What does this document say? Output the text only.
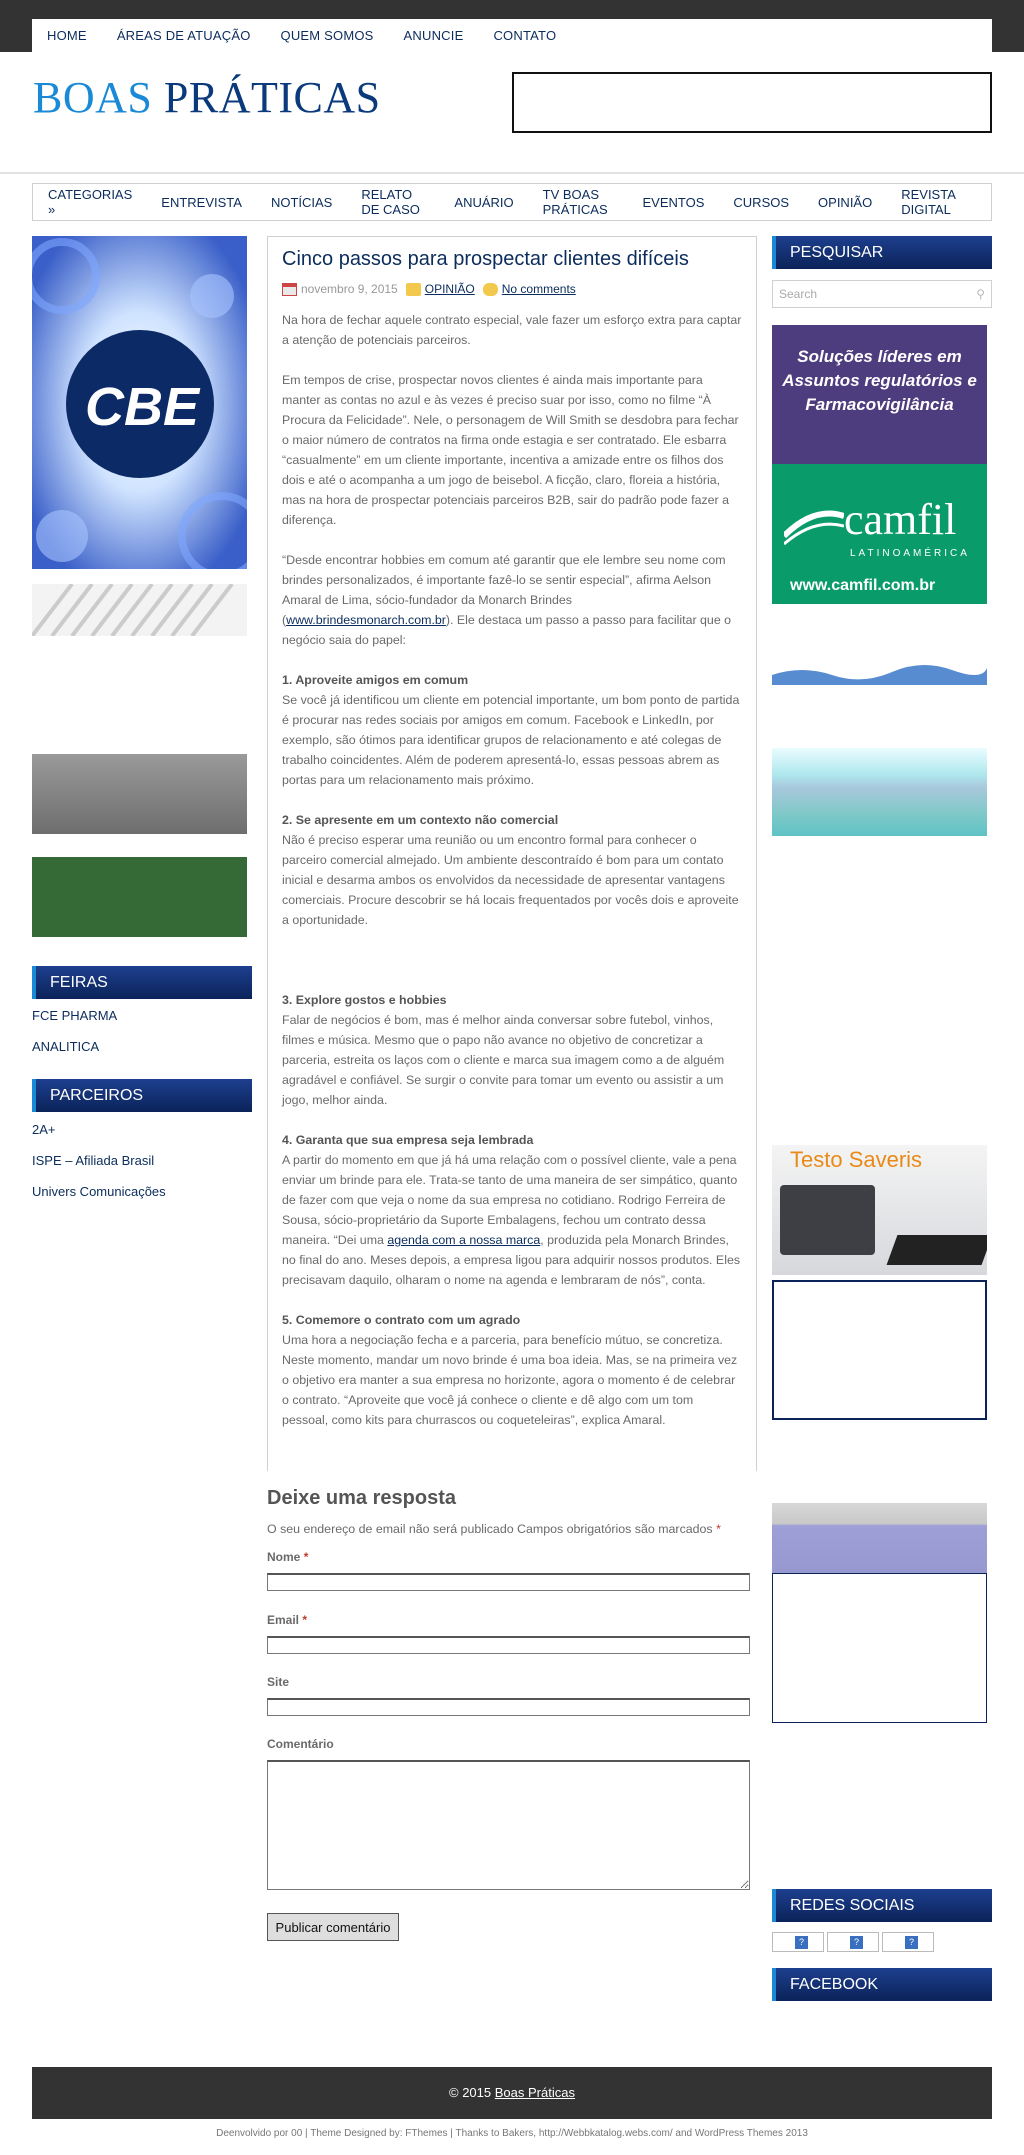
HOME ÁREAS DE ATUAÇÃO QUEM SOMOS ANUNCIE CONTATO
BOAS PRÁTICAS
CATEGORIAS »	ENTREVISTA NOTÍCIAS RELATO DE CASO	ANUÁRIO TV BOAS PRÁTICAS	EVENTOS CURSOS OPINIÃO REVISTA DIGITAL
CBE
FEIRAS
FCE PHARMA
ANALITICA
PARCEIROS
2A+
ISPE – Afiliada Brasil
Univers Comunicações
Cinco passos para prospectar clientes difíceis
novembro 9, 2015 OPINIÃO No comments

Na hora de fechar aquele contrato especial, vale fazer um esforço extra para captar a atenção de potenciais parceiros.

Em tempos de crise, prospectar novos clientes é ainda mais importante para manter as contas no azul e às vezes é preciso suar por isso, como no filme “À Procura da Felicidade”. Nele, o personagem de Will Smith se desdobra para fechar o maior número de contratos na firma onde estagia e ser contratado. Ele esbarra “casualmente” em um cliente importante, incentiva a amizade entre os filhos dos dois e até o acompanha a um jogo de beisebol. A ficção, claro, floreia a história, mas na hora de prospectar potenciais parceiros B2B, sair do padrão pode fazer a diferença.

“Desde encontrar hobbies em comum até garantir que ele lembre seu nome com brindes personalizados, é importante fazê-lo se sentir especial”, afirma Aelson Amaral de Lima, sócio-fundador da Monarch Brindes (www.brindesmonarch.com.br). Ele destaca um passo a passo para facilitar que o negócio saia do papel:

1. Aproveite amigos em comum

Se você já identificou um cliente em potencial importante, um bom ponto de partida é procurar nas redes sociais por amigos em comum. Facebook e LinkedIn, por exemplo, são ótimos para identificar grupos de relacionamento e até colegas de trabalho coincidentes. Além de poderem apresentá-lo, essas pessoas abrem as portas para um relacionamento mais próximo.

2. Se apresente em um contexto não comercial

Não é preciso esperar uma reunião ou um encontro formal para conhecer o parceiro comercial almejado. Um ambiente descontraído é bom para um contato inicial e desarma ambos os envolvidos da necessidade de apresentar vantagens comerciais. Procure descobrir se há locais frequentados por vocês dois e aproveite a oportunidade.

3. Explore gostos e hobbies

Falar de negócios é bom, mas é melhor ainda conversar sobre futebol, vinhos, filmes e música. Mesmo que o papo não avance no objetivo de concretizar a parceria, estreita os laços com o cliente e marca sua imagem como a de alguém agradável e confiável. Se surgir o convite para tomar um evento ou assistir a um jogo, melhor ainda.

4. Garanta que sua empresa seja lembrada

A partir do momento em que já há uma relação com o possível cliente, vale a pena enviar um brinde para ele. Trata-se tanto de uma maneira de ser simpático, quanto de fazer com que veja o nome da sua empresa no cotidiano. Rodrigo Ferreira de Sousa, sócio-proprietário da Suporte Embalagens, fechou um contrato dessa maneira. “Dei uma agenda com a nossa marca, produzida pela Monarch Brindes, no final do ano. Meses depois, a empresa ligou para adquirir nossos produtos. Eles precisavam daquilo, olharam o nome na agenda e lembraram de nós”, conta.

5. Comemore o contrato com um agrado

Uma hora a negociação fecha e a parceria, para benefício mútuo, se concretiza. Neste momento, mandar um novo brinde é uma boa ideia. Mas, se na primeira vez o objetivo era manter a sua empresa no horizonte, agora o momento é de celebrar o contrato. “Aproveite que você já conhece o cliente e dê algo com um tom pessoal, como kits para churrascos ou coqueteleiras”, explica Amaral.

Deixe uma resposta
O seu endereço de email não será publicado Campos obrigatórios são marcados *
Nome *
Email *
Site
Comentário
Publicar comentário
PESQUISAR
Search	⚲
Soluções líderes em Assuntos regulatórios e Farmacovigilância
camfil
LATINOAMÉRICA
www.camfil.com.br
Testo Saveris
REDES SOCIAIS
?	?	?
FACEBOOK
© 2015 Boas Práticas
Deenvolvido por 00 | Theme Designed by: FThemes | Thanks to Bakers, http://Webbkatalog.webs.com/ and WordPress Themes 2013
